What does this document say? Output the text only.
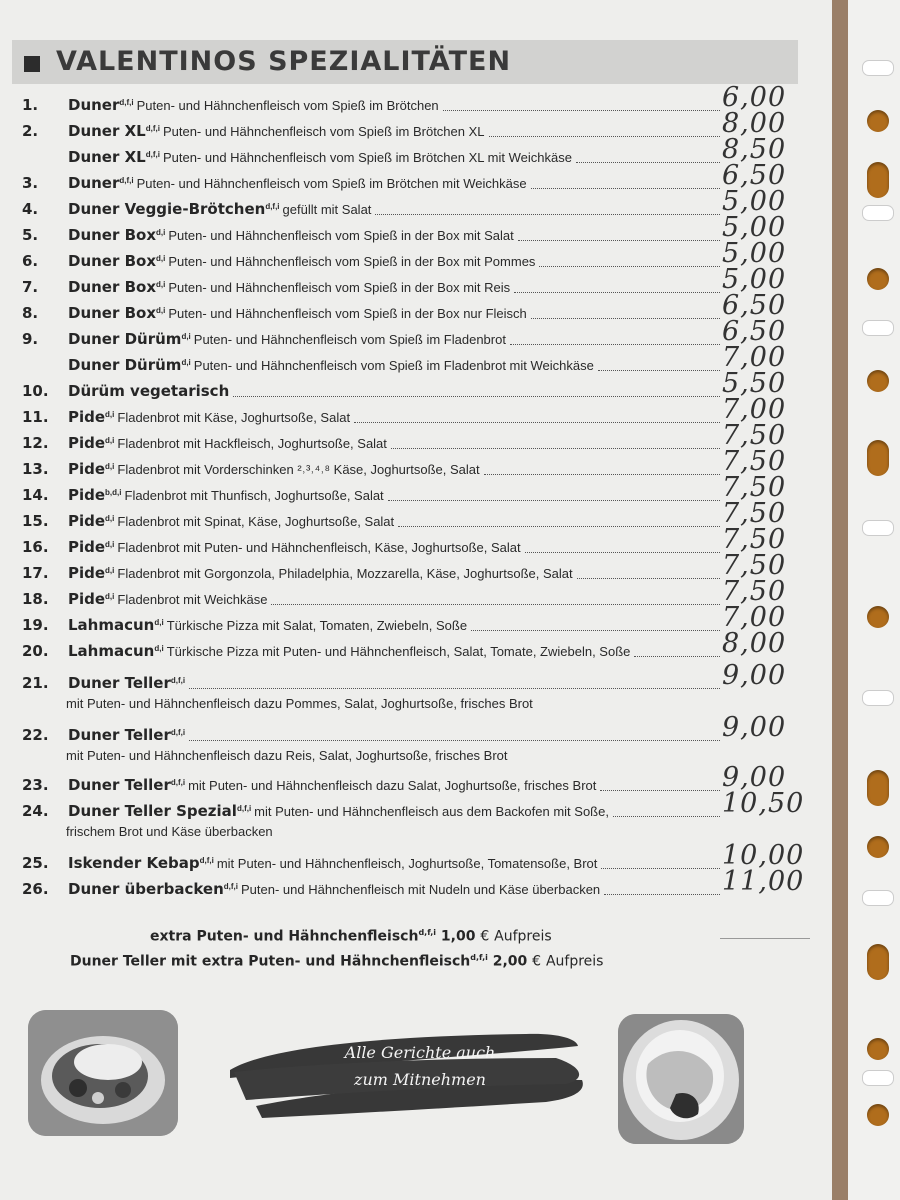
VALENTINOS SPEZIALITÄTEN
1. Duner$^{d,f,i}$ Puten- und Hähnchenfleisch vom Spieß im Brötchen	6,00
2. Duner XL$^{d,f,i}$ Puten- und Hähnchenfleisch vom Spieß im Brötchen XL	8,00
Duner XL$^{d,f,i}$ Puten- und Hähnchenfleisch vom Spieß im Brötchen XL mit Weichkäse	8,50
3. Duner$^{d,f,i}$ Puten- und Hähnchenfleisch vom Spieß im Brötchen mit Weichkäse	6,50
4. Duner Veggie-Brötchen$^{d,f,i}$ gefüllt mit Salat	5,00
5. Duner Box$^{d,i}$ Puten- und Hähnchenfleisch vom Spieß in der Box mit Salat	5,00
6. Duner Box$^{d,i}$ Puten- und Hähnchenfleisch vom Spieß in der Box mit Pommes	5,00
7. Duner Box$^{d,i}$ Puten- und Hähnchenfleisch vom Spieß in der Box mit Reis	5,00
8. Duner Box$^{d,i}$ Puten- und Hähnchenfleisch vom Spieß in der Box nur Fleisch	6,50
9. Duner Dürüm$^{d,i}$ Puten- und Hähnchenfleisch vom Spieß im Fladenbrot	6,50
Duner Dürüm$^{d,i}$ Puten- und Hähnchenfleisch vom Spieß im Fladenbrot mit Weichkäse	7,00
10. Dürüm vegetarisch	5,50
11. Pide$^{d,i}$ Fladenbrot mit Käse, Joghurtsoße, Salat	7,00
12. Pide$^{d,i}$ Fladenbrot mit Hackfleisch, Joghurtsoße, Salat	7,50
13. Pide$^{d,i}$ Fladenbrot mit Vorderschinken ²˒³˒⁴˒⁸ Käse, Joghurtsoße, Salat	7,50
14. Pide$^{b,d,i}$ Fladenbrot mit Thunfisch, Joghurtsoße, Salat	7,50
15. Pide$^{d,i}$ Fladenbrot mit Spinat, Käse, Joghurtsoße, Salat	7,50
16. Pide$^{d,i}$ Fladenbrot mit Puten- und Hähnchenfleisch, Käse, Joghurtsoße, Salat	7,50
17. Pide$^{d,i}$ Fladenbrot mit Gorgonzola, Philadelphia, Mozzarella, Käse, Joghurtsoße, Salat	7,50
18. Pide$^{d,i}$ Fladenbrot mit Weichkäse	7,50
19. Lahmacun$^{d,i}$ Türkische Pizza mit Salat, Tomaten, Zwiebeln, Soße	7,00
20. Lahmacun$^{d,i}$ Türkische Pizza mit Puten- und Hähnchenfleisch, Salat, Tomate, Zwiebeln, Soße	8,00
21. Duner Teller$^{d,f,i}$	9,00
mit Puten- und Hähnchenfleisch dazu Pommes, Salat, Joghurtsoße, frisches Brot
22. Duner Teller$^{d,f,i}$	9,00
mit Puten- und Hähnchenfleisch dazu Reis, Salat, Joghurtsoße, frisches Brot
23. Duner Teller$^{d,f,i}$ mit Puten- und Hähnchenfleisch dazu Salat, Joghurtsoße, frisches Brot	9,00
24. Duner Teller Spezial$^{d,f,i}$ mit Puten- und Hähnchenfleisch aus dem Backofen mit Soße,	10,50
frischem Brot und Käse überbacken
25. Iskender Kebap$^{d,f,i}$ mit Puten- und Hähnchenfleisch, Joghurtsoße, Tomatensoße, Brot	10,00
26. Duner überbacken$^{d,f,i}$ Puten- und Hähnchenfleisch mit Nudeln und Käse überbacken	11,00
extra Puten- und Hähnchenfleisch$^{d,f,i}$ 1,00 € Aufpreis
Duner Teller mit extra Puten- und Hähnchenfleisch$^{d,f,i}$ 2,00 € Aufpreis
Alle Gerichte auch
zum Mitnehmen
